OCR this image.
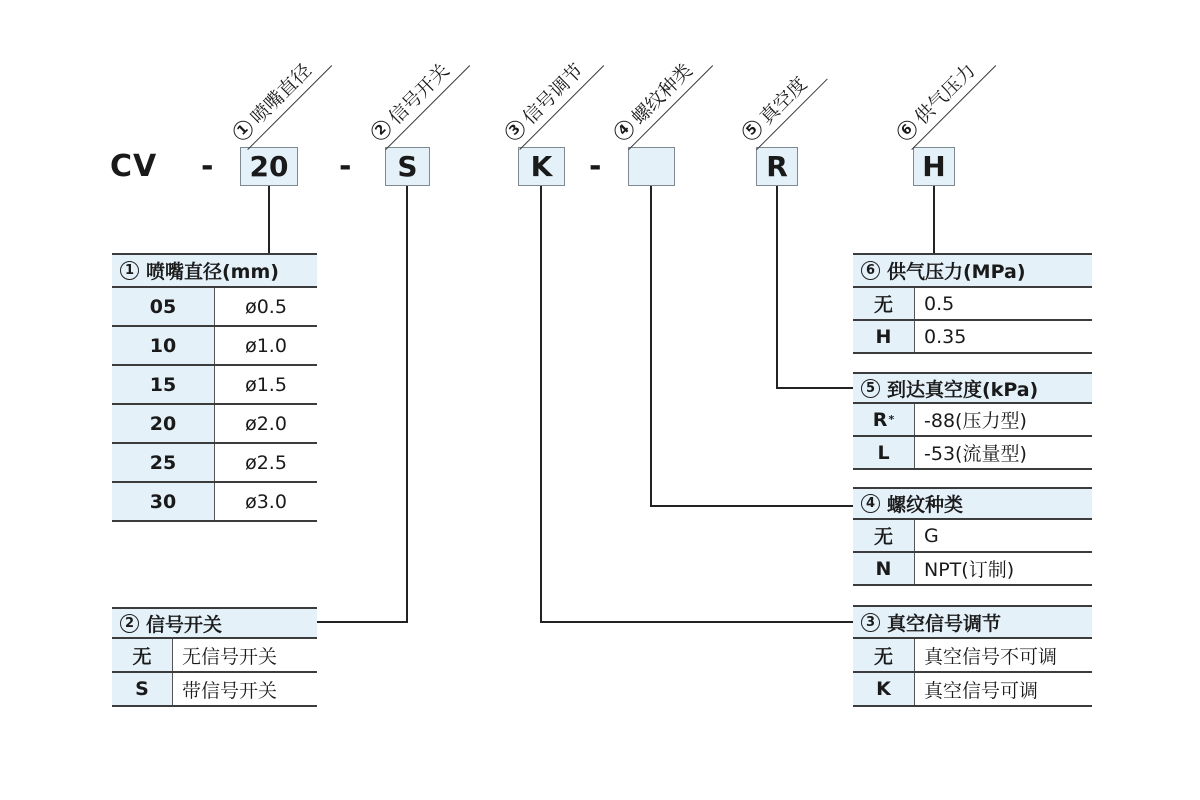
CV -	20	-	S	K	-	R	H
1
喷嘴直径
2
信号开关
3
信号调节
4
螺纹种类
5
真空度
6
供气压力
1 喷嘴直径(mm)
05	ø0.5
10	ø1.0
15	ø1.5
20	ø2.0
25	ø2.5
30	ø3.0
2 信号开关
无	无信号开关
S	带信号开关
6 供气压力(MPa)
无	0.5
H	0.35
5 到达真空度(kPa)
R *	-88(压力型)
L	-53(流量型)
4 螺纹种类
无	G
N	NPT(订制)
3 真空信号调节
无	真空信号不可调
K	真空信号可调
